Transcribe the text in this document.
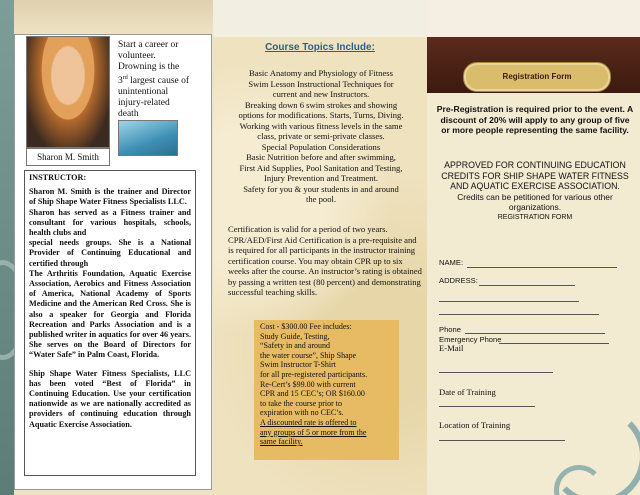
Sharon M. Smith
Start a career or
volunteer.
Drowning is the
3rd largest cause of
unintentional
injury-related
death

INSTRUCTOR:

Sharon M. Smith is the trainer and Director of Ship Shape Water Fitness Specialists LLC.

Sharon has served as a Fitness trainer and consultant for various hospitals, schools, health clubs and

special needs groups. She is a National Provider of Continuing Educational and certified through

The Arthritis Foundation, Aquatic Exercise Association, Aerobics and Fitness Association of America, National Academy of Sports Medicine and the American Red Cross. She is also a speaker for Georgia and Florida Recreation and Parks Association and is a published writer in aquatics for over 46 years. She serves on the Board of Directors for “Water Safe” in Palm Coast, Florida.

Ship Shape Water Fitness Specialists, LLC has been voted “Best of Florida” in Continuing Education. Use your certification nationwide as we are nationally accredited as providers of continuing education through Aquatic Exercise Association.

Course Topics Include:
Basic Anatomy and Physiology of Fitness
Swim Lesson Instructional Techniques for
current and new Instructors.
Breaking down 6 swim strokes and showing
options for modifications. Starts, Turns, Diving.
Working with various fitness levels in the same
class, private or semi-private classes.
Special Population Considerations
Basic Nutrition before and after swimming,
First Aid Supplies, Pool Sanitation and Testing,
Injury Prevention and Treatment.
Safety for you & your students in and around
the pool.
Certification is valid for a period of two years. CPR/AED/First Aid Certification is a pre-requisite and is required for all participants in the instructor training certification course. You may obtain CPR up to six weeks after the course. An instructor’s rating is obtained by passing a written test (80 percent) and demonstrating successful teaching skills.
Cost - $300.00 Fee includes:
Study Guide, Testing,
“Safety in and around
the water course”, Ship Shape
Swim Instructor T-Shirt
for all pre-registered participants.
Re-Cert’s $99.00 with current
CPR and 15 CEC’s; OR $160.00
to take the course prior to
expiration with no CEC’s.
A discounted rate is offered to
any groups of 5 or more from the
same facility.
Registration Form
Pre-Registration is required prior to the event. A discount of 20% will apply to any group of five or more people representing the same facility.
APPROVED FOR CONTINUING EDUCATION CREDITS FOR SHIP SHAPE WATER FITNESS AND AQUATIC EXERCISE ASSOCIATION.
Credits can be petitioned for various other organizations.
REGISTRATION FORM
NAME:
ADDRESS:
Phone
Emergency Phone
E-Mail
Date of Training
Location of Training
